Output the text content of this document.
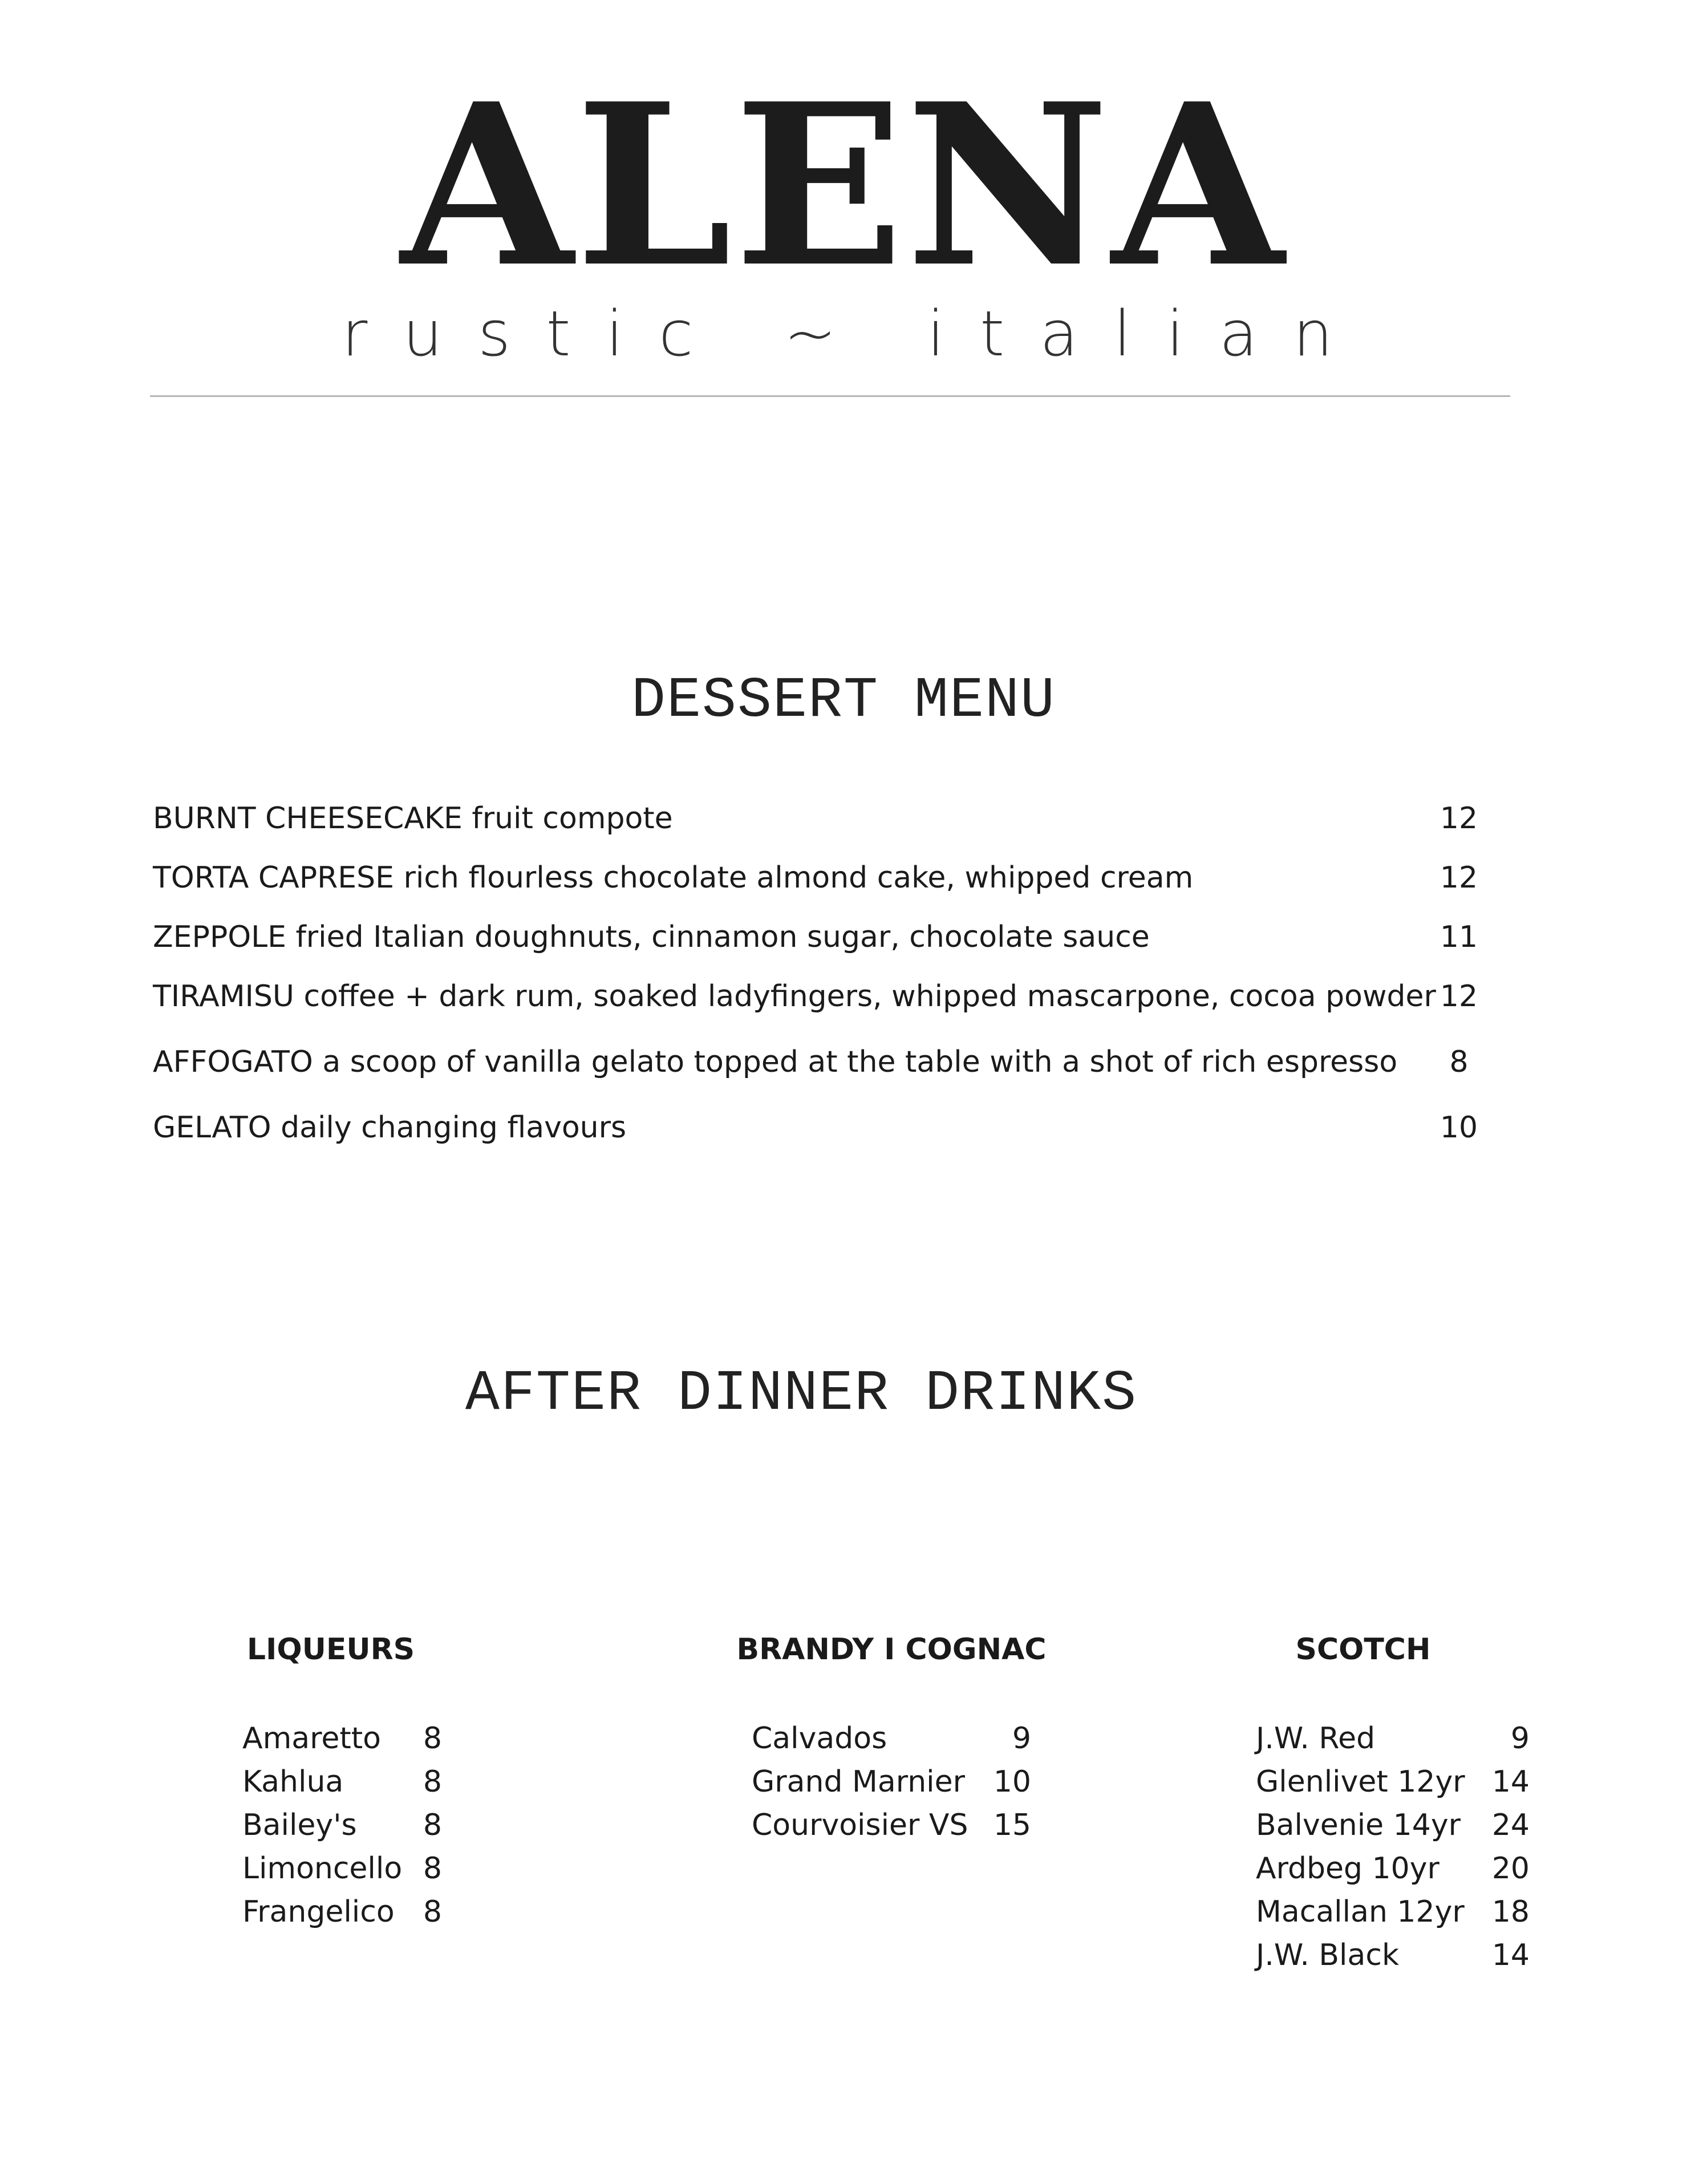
ALENA
rustic ~ italian
DESSERT MENU
BURNT CHEESECAKE fruit compote	12
TORTA CAPRESE rich flourless chocolate almond cake, whipped cream	12
ZEPPOLE fried Italian doughnuts, cinnamon sugar, chocolate sauce	11
TIRAMISU coffee + dark rum, soaked ladyfingers, whipped mascarpone, cocoa powder 12
AFFOGATO a scoop of vanilla gelato topped at the table with a shot of rich espresso	8
GELATO daily changing flavours	10
AFTER DINNER DRINKS
LIQUEURS	BRANDY I COGNAC	SCOTCH
Amaretto	8
Kahlua	8
Bailey's	8
Limoncello 8
Frangelico 8
Calvados	9
Grand Marnier 10
Courvoisier VS 15
J.W. Red	9
Glenlivet 12yr 14
Balvenie 14yr	24
Ardbeg 10yr	20
Macallan 12yr 18
J.W. Black	14
